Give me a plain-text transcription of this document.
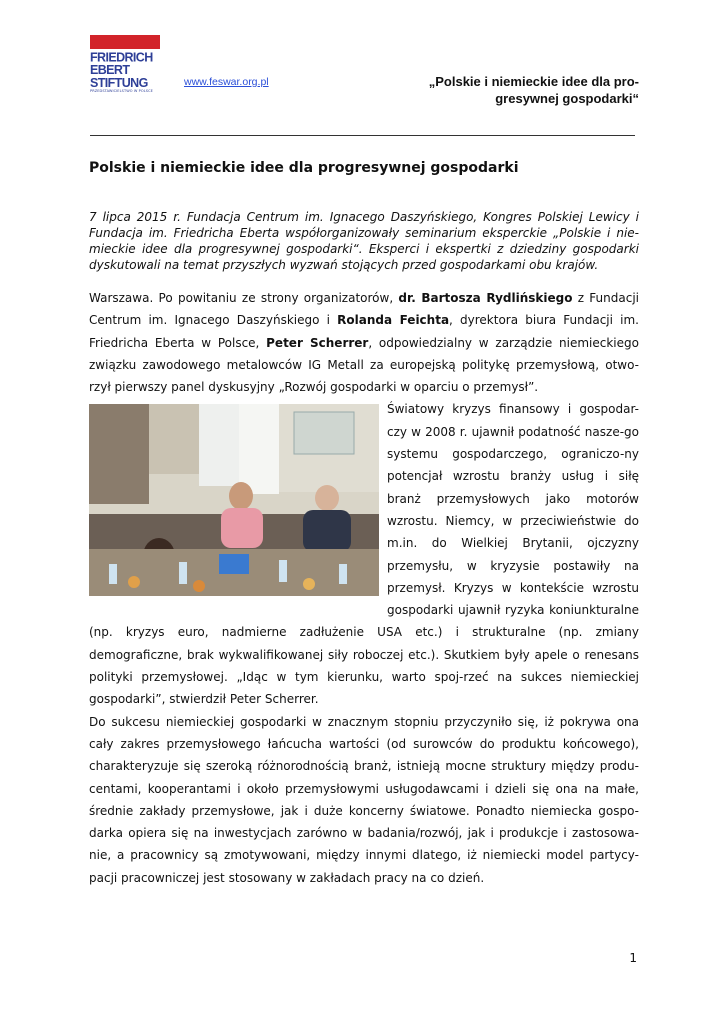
FRIEDRICH EBERT STIFTUNG
PRZEDSTAWICIELSTWO W POLSCE
www.feswar.org.pl	„Polskie i niemieckie idee dla pro-gresywnej gospodarki“
Polskie i niemieckie idee dla progresywnej gospodarki

7 lipca 2015 r. Fundacja Centrum im. Ignacego Daszyńskiego, Kongres Polskiej Lewicy i Fundacja im. Friedricha Eberta współorganizowały seminarium eksperckie „Polskie i nie-mieckie idee dla progresywnej gospodarki“. Eksperci i ekspertki z dziedziny gospodarki dyskutowali na temat przyszłych wyzwań stojących przed gospodarkami obu krajów.

Warszawa. Po powitaniu ze strony organizatorów, dr. Bartosza Rydlińskiego z Fundacji Centrum im. Ignacego Daszyńskiego i Rolanda Feichta, dyrektora biura Fundacji im. Friedricha Eberta w Polsce, Peter Scherrer, odpowiedzialny w zarządzie niemieckiego związku zawodowego metalowców IG Metall za europejską politykę przemysłową, otwo-rzył pierwszy panel dyskusyjny „Rozwój gospodarki w oparciu o przemysł”.

Światowy kryzys finansowy i gospodar-czy w 2008 r. ujawnił podatność nasze-go systemu gospodarczego, ograniczo-ny potencjał wzrostu branży usług i siłę branż przemysłowych jako motorów wzrostu. Niemcy, w przeciwieństwie do m.in. do Wielkiej Brytanii, ojczyzny przemysłu, w kryzysie postawiły na przemysł. Kryzys w kontekście wzrostu gospodarki ujawnił ryzyka koniunkturalne (np. kryzys euro, nadmierne zadłużenie USA etc.) i strukturalne (np. zmiany demograficzne, brak wykwalifikowanej siły roboczej etc.). Skutkiem były apele o renesans polityki przemysłowej. „Idąc w tym kierunku, warto spoj-rzeć na sukces niemieckiej gospodarki”, stwierdził Peter Scherrer.

Do sukcesu niemieckiej gospodarki w znacznym stopniu przyczyniło się, iż pokrywa ona cały zakres przemysłowego łańcucha wartości (od surowców do produktu końcowego), charakteryzuje się szeroką różnorodnością branż, istnieją mocne struktury między produ-centami, kooperantami i około przemysłowymi usługodawcami i dzieli się ona na małe, średnie zakłady przemysłowe, jak i duże koncerny światowe. Ponadto niemiecka gospo-darka opiera się na inwestycjach zarówno w badania/rozwój, jak i produkcje i zastosowa-nie, a pracownicy są zmotywowani, między innymi dlatego, iż niemiecki model partycy-pacji pracowniczej jest stosowany w zakładach pracy na co dzień.

1
